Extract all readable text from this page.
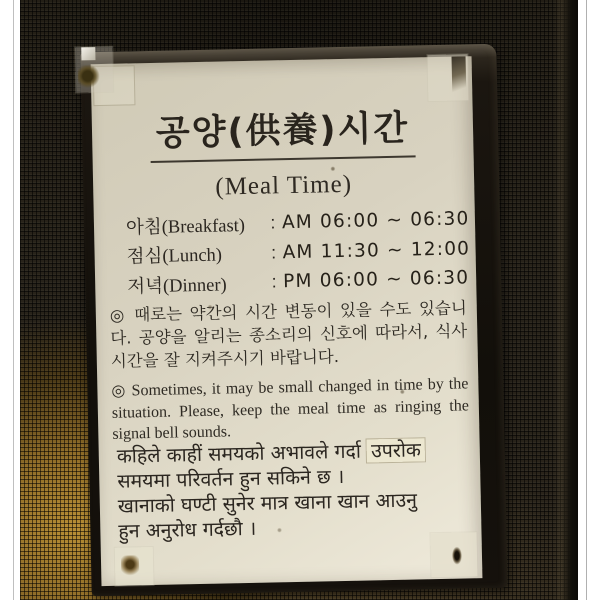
공양(供養)시간
(Meal Time)
아침(Breakfast)	: AM 06:00 ~ 06:30
점심(Lunch)	: AM 11:30 ~ 12:00
저녁(Dinner)	: PM 06:00 ~ 06:30
◎ 때로는 약간의 시간 변동이 있을 수도 있습니다. 공양을 알리는 종소리의 신호에 따라서, 식사시간을 잘 지켜주시기 바랍니다.
◎ Sometimes, it may be small changed in time by the situation. Please, keep the meal time as ringing the signal bell sounds.
कहिले काहीं समयको अभावले गर्दा उपरोक
समयमा परिवर्तन हुन सकिने छ ।
खानाको घण्टी सुनेर मात्र खाना खान आउनु
हुन अनुरोध गर्दछौ ।
